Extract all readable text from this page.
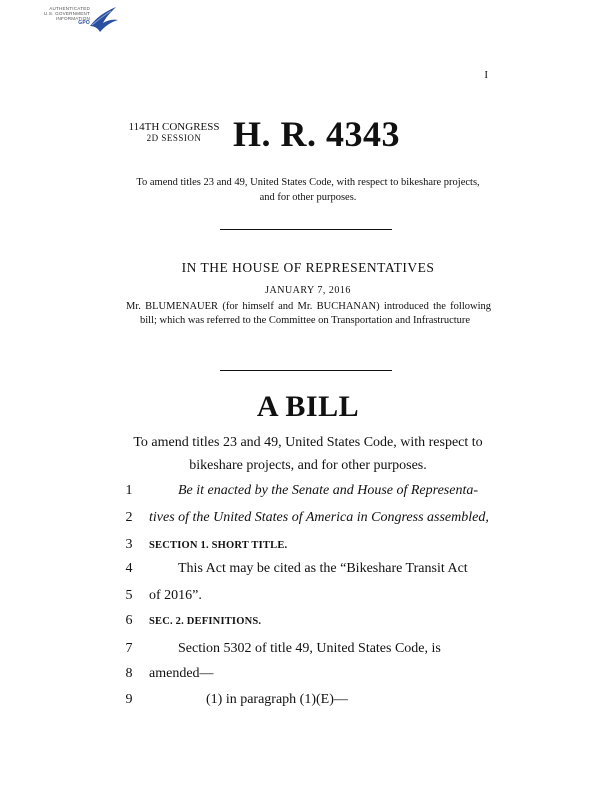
AUTHENTICATED
U.S. GOVERNMENT
INFORMATION
GPO
I
114TH CONGRESS
2D SESSION H. R. 4343
To amend titles 23 and 49, United States Code, with respect to bikeshare projects, and for other purposes.
IN THE HOUSE OF REPRESENTATIVES
JANUARY 7, 2016
Mr. BLUMENAUER (for himself and Mr. BUCHANAN) introduced the following bill; which was referred to the Committee on Transportation and Infrastructure
A BILL
To amend titles 23 and 49, United States Code, with respect to bikeshare projects, and for other purposes.
1	Be it enacted by the Senate and House of Representa-
2	tives of the United States of America in Congress assembled,
3	SECTION 1. SHORT TITLE.
4	This Act may be cited as the “Bikeshare Transit Act
5	of 2016”.
6	SEC. 2. DEFINITIONS.
7	Section 5302 of title 49, United States Code, is
8	amended—
9	(1) in paragraph (1)(E)—
